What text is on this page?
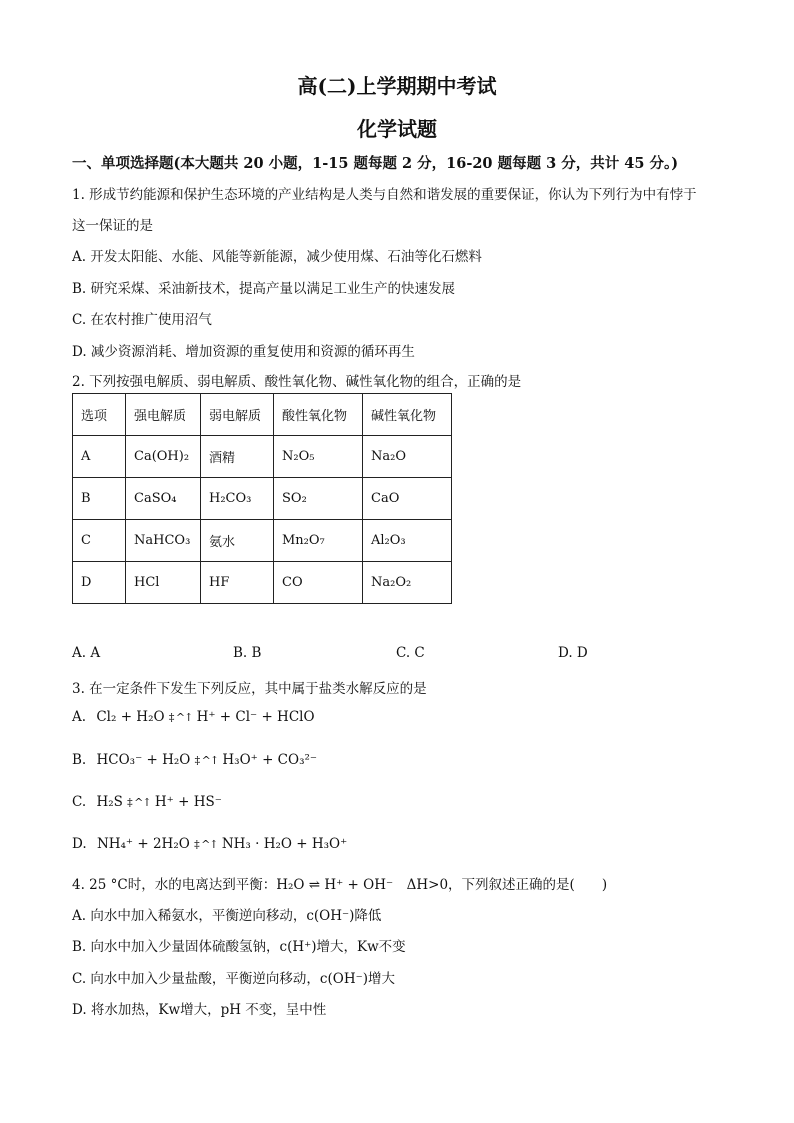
高(二)上学期期中考试
化学试题
一、单项选择题(本大题共 20 小题，1-15 题每题 2 分，16-20 题每题 3 分，共计 45 分。)
1. 形成节约能源和保护生态环境的产业结构是人类与自然和谐发展的重要保证，你认为下列行为中有悖于
这一保证的是
A. 开发太阳能、水能、风能等新能源，减少使用煤、石油等化石燃料
B. 研究采煤、采油新技术，提高产量以满足工业生产的快速发展
C. 在农村推广使用沼气
D. 减少资源消耗、增加资源的重复使用和资源的循环再生
2. 下列按强电解质、弱电解质、酸性氧化物、碱性氧化物的组合，正确的是
选项	强电解质	弱电解质	酸性氧化物	碱性氧化物
A	Ca(OH)₂	酒精	N₂O₅	Na₂O
B	CaSO₄	H₂CO₃	SO₂	CaO
C	NaHCO₃	氨水	Mn₂O₇	Al₂O₃
D	HCl	HF	CO	Na₂O₂
A. A	B. B	C. C	D. D
3. 在一定条件下发生下列反应，其中属于盐类水解反应的是
A. Cl₂ + H₂O ‡ ^↑ H⁺ + Cl⁻ + HClO
B. HCO₃⁻ + H₂O ‡ ^↑ H₃O⁺ + CO₃²⁻
C. H₂S ‡ ^↑ H⁺ + HS⁻
D. NH₄⁺ + 2H₂O ‡ ^↑ NH₃ · H₂O + H₃O⁺
4. 25 °C时，水的电离达到平衡：H₂O ⇌ H⁺ + OH⁻　ΔH>0，下列叙述正确的是(　　)
A. 向水中加入稀氨水，平衡逆向移动，c(OH⁻)降低
B. 向水中加入少量固体硫酸氢钠，c(H⁺)增大，Kw不变
C. 向水中加入少量盐酸，平衡逆向移动，c(OH⁻)增大
D. 将水加热，Kw增大，pH 不变，呈中性
